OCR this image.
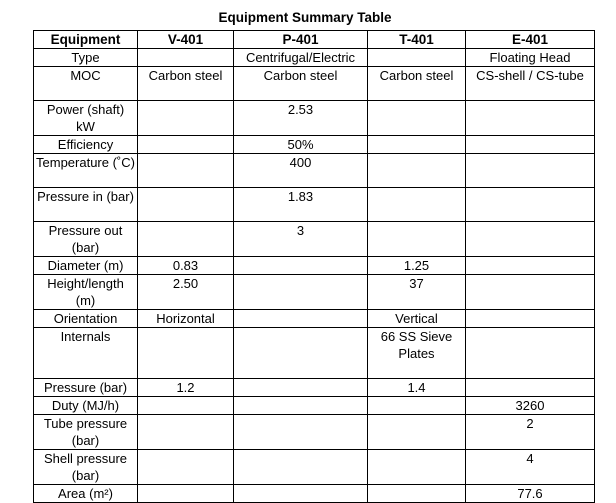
Equipment Summary Table
Equipment	V-401	P-401	T-401	E-401
Type		Centrifugal/Electric		Floating Head
MOC	Carbon steel	Carbon steel	Carbon steel	CS-shell / CS-tube
Power (shaft) kW		2.53		
Efficiency		50%		
Temperature (˚C)		400		
Pressure in (bar)		1.83		
Pressure out (bar)		3		
Diameter (m)	0.83		1.25	
Height/length (m)	2.50		37	
Orientation	Horizontal		Vertical	
Internals			66 SS Sieve Plates	
Pressure (bar)	1.2		1.4	
Duty (MJ/h)				3260
Tube pressure (bar)				2
Shell pressure (bar)				4
Area (m²)				77.6
